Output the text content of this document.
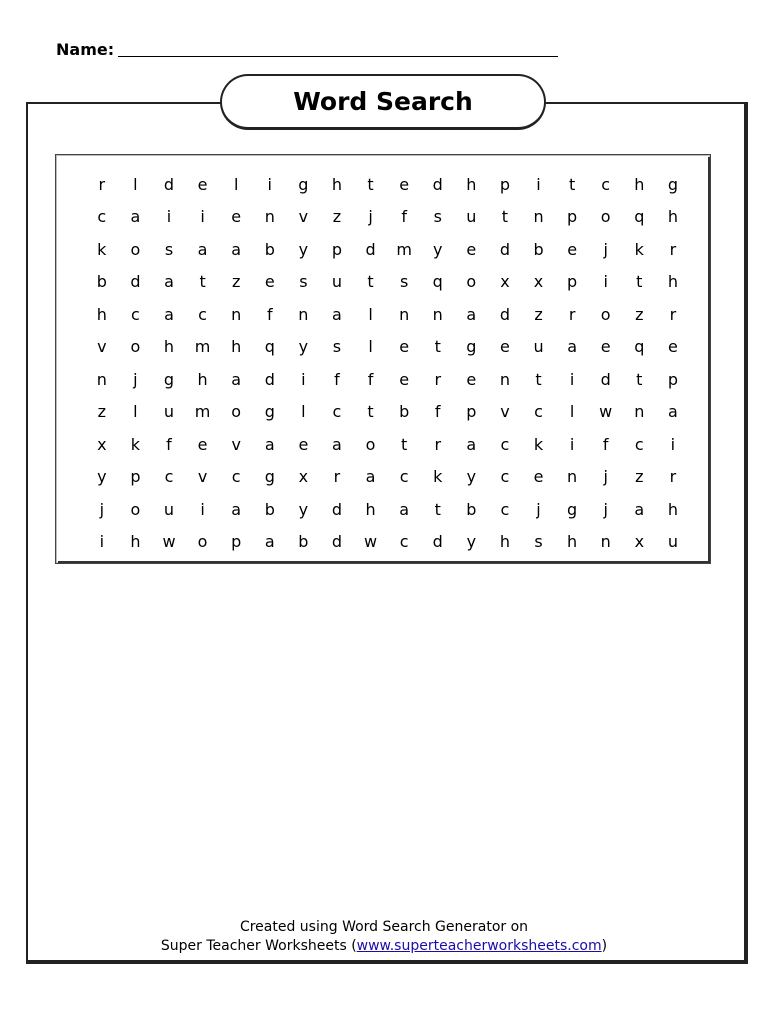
Name:
Word Search
r	l	d	e	l	i	g	h	t	e	d	h	p	i	t	c	h	g
c	a	i	i	e	n	v	z	j	f	s	u	t	n	p	o	q	h
k	o	s	a	a	b	y	p	d	m	y	e	d	b	e	j	k	r
b	d	a	t	z	e	s	u	t	s	q	o	x	x	p	i	t	h
h	c	a	c	n	f	n	a	l	n	n	a	d	z	r	o	z	r
v	o	h	m	h	q	y	s	l	e	t	g	e	u	a	e	q	e
n	j	g	h	a	d	i	f	f	e	r	e	n	t	i	d	t	p
z	l	u	m	o	g	l	c	t	b	f	p	v	c	l	w	n	a
x	k	f	e	v	a	e	a	o	t	r	a	c	k	i	f	c	i
y	p	c	v	c	g	x	r	a	c	k	y	c	e	n	j	z	r
j	o	u	i	a	b	y	d	h	a	t	b	c	j	g	j	a	h
i	h	w	o	p	a	b	d	w	c	d	y	h	s	h	n	x	u
Created using Word Search Generator on
Super Teacher Worksheets (www.superteacherworksheets.com)
